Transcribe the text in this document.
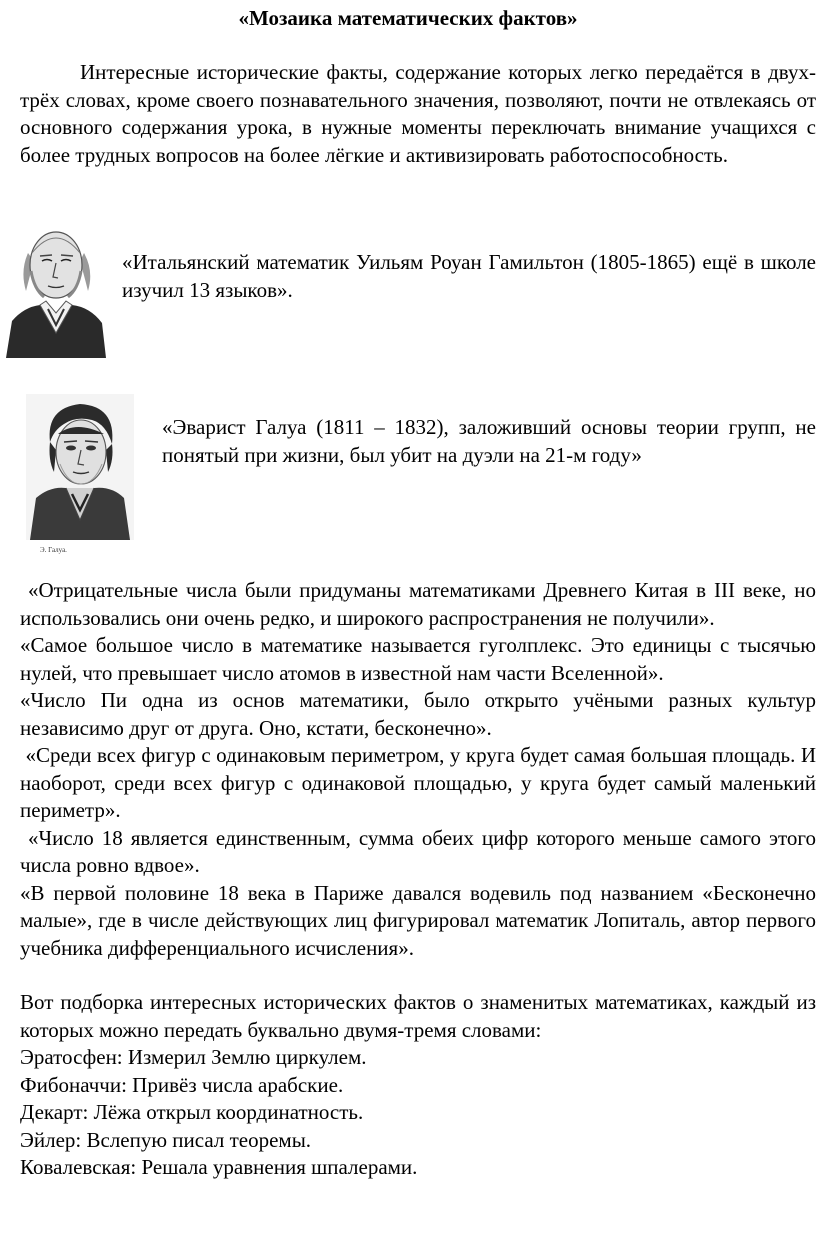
«Мозаика математических фактов»

Интересные исторические факты, содержание которых легко передаётся в двух-трёх словах, кроме своего познавательного значения, позволяют, почти не отвлекаясь от основного содержания урока, в нужные моменты переключать внимание учащихся с более трудных вопросов на более лёгкие и активизировать работоспособность.

«Итальянский математик Уильям Роуан Гамильтон (1805-1865) ещё в школе изучил 13 языков».

Э. Галуа.

«Эварист Галуа (1811 – 1832), заложивший основы теории групп, не понятый при жизни, был убит на дуэли на 21-м году»

«Отрицательные числа были придуманы математиками Древнего Китая в III веке, но использовались они очень редко, и широкого распространения не получили».

«Самое большое число в математике называется гуголплекс. Это единицы с тысячью нулей, что превышает число атомов в известной нам части Вселенной».

«Число Пи одна из основ математики, было открыто учёными разных культур независимо друг от друга. Оно, кстати, бесконечно».

«Среди всех фигур с одинаковым периметром, у круга будет самая большая площадь. И наоборот, среди всех фигур с одинаковой площадью, у круга будет самый маленький периметр».

«Число 18 является единственным, сумма обеих цифр которого меньше самого этого числа ровно вдвое».

«В первой половине 18 века в Париже давался водевиль под названием «Бесконечно малые», где в числе действующих лиц фигурировал математик Лопиталь, автор первого учебника дифференциального исчисления».

Вот подборка интересных исторических фактов о знаменитых математиках, каждый из которых можно передать буквально двумя-тремя словами:

Эратосфен: Измерил Землю циркулем.

Фибоначчи: Привёз числа арабские.

Декарт: Лёжа открыл координатность.

Эйлер: Вслепую писал теоремы.

Ковалевская: Решала уравнения шпалерами.
